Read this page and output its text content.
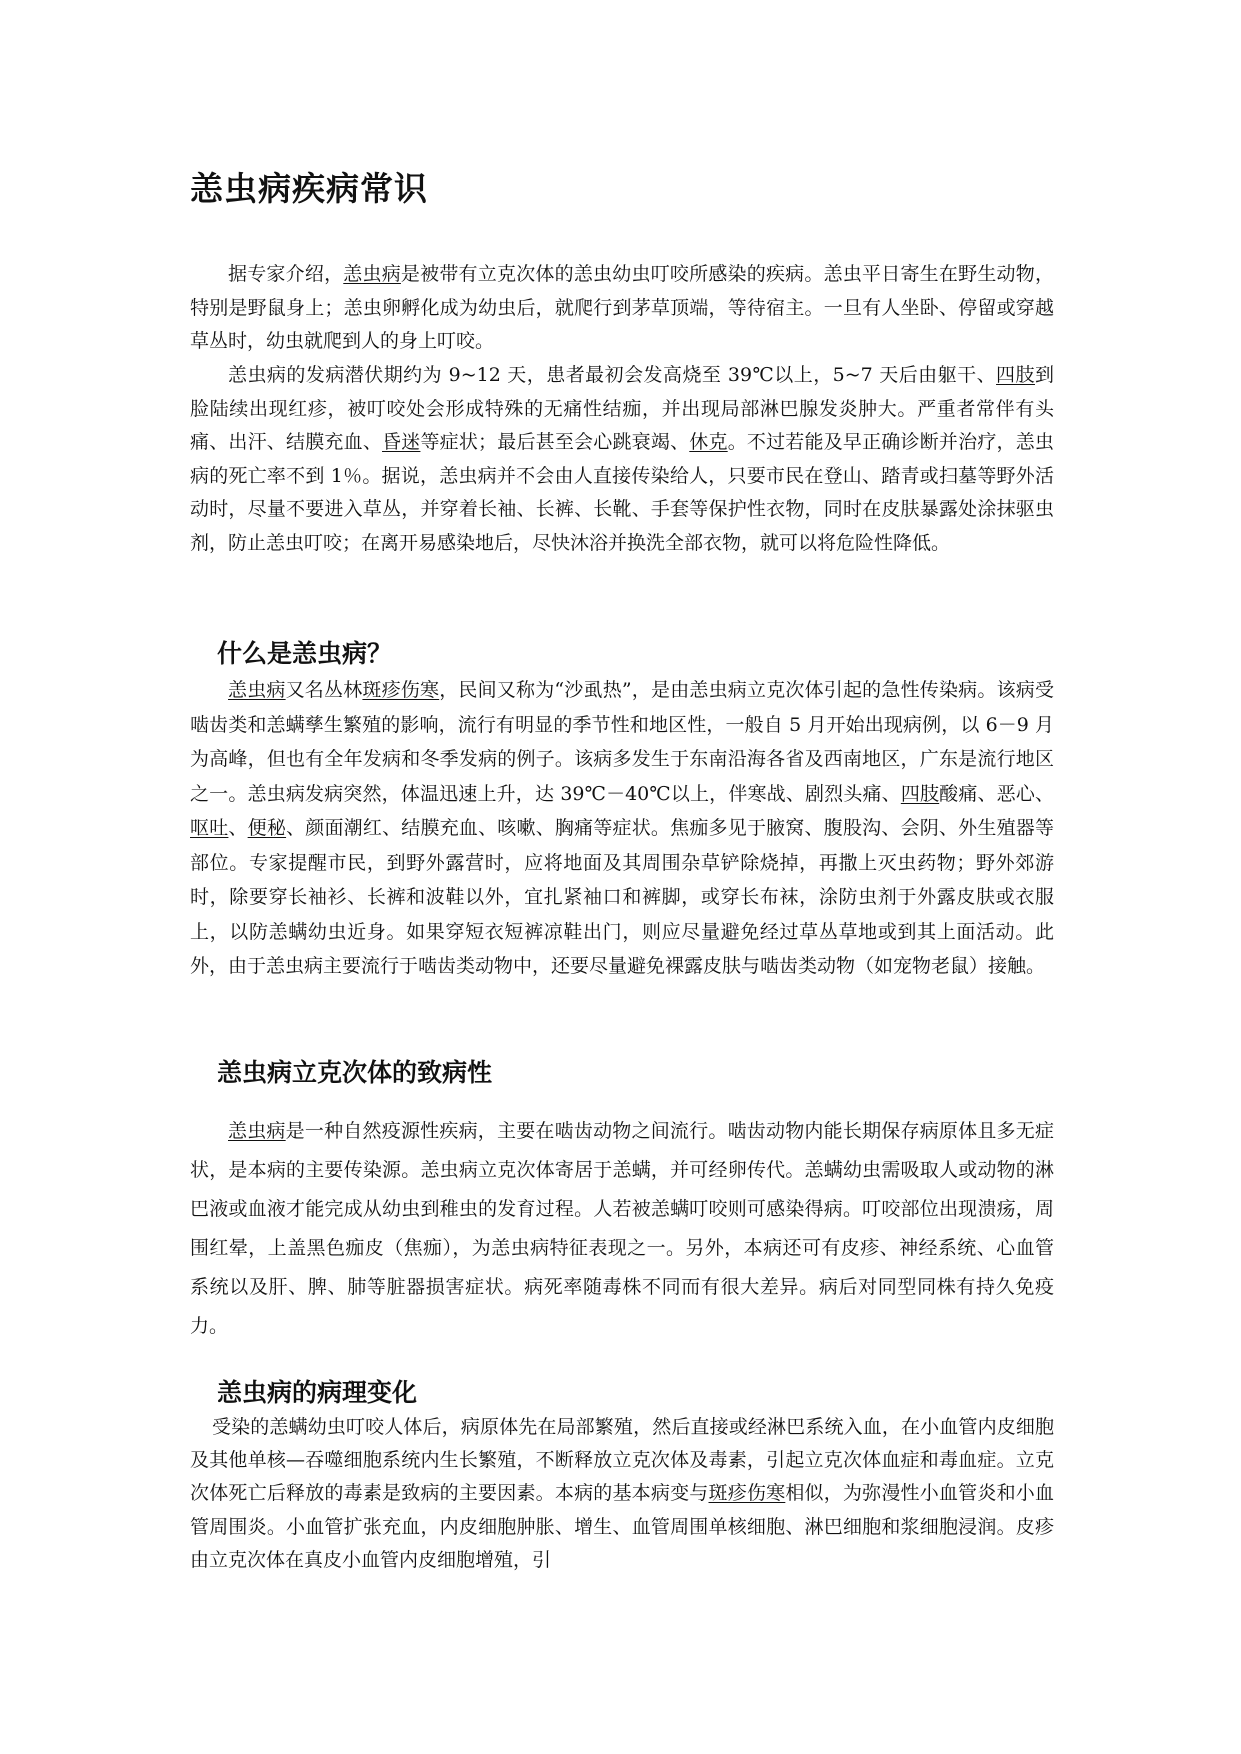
恙虫病疾病常识

据专家介绍，恙虫病是被带有立克次体的恙虫幼虫叮咬所感染的疾病。恙虫平日寄生在野生动物，特别是野鼠身上；恙虫卵孵化成为幼虫后，就爬行到茅草顶端，等待宿主。一旦有人坐卧、停留或穿越草丛时，幼虫就爬到人的身上叮咬。

恙虫病的发病潜伏期约为 9~12 天，患者最初会发高烧至 39℃以上，5~7 天后由躯干、四肢到脸陆续出现红疹，被叮咬处会形成特殊的无痛性结痂，并出现局部淋巴腺发炎肿大。严重者常伴有头痛、出汗、结膜充血、昏迷等症状；最后甚至会心跳衰竭、休克。不过若能及早正确诊断并治疗，恙虫病的死亡率不到 1％。据说，恙虫病并不会由人直接传染给人，只要市民在登山、踏青或扫墓等野外活动时，尽量不要进入草丛，并穿着长袖、长裤、长靴、手套等保护性衣物，同时在皮肤暴露处涂抹驱虫剂，防止恙虫叮咬；在离开易感染地后，尽快沐浴并换洗全部衣物，就可以将危险性降低。

什么是恙虫病？

恙虫病又名丛林斑疹伤寒，民间又称为“沙虱热”，是由恙虫病立克次体引起的急性传染病。该病受啮齿类和恙螨孳生繁殖的影响，流行有明显的季节性和地区性，一般自 5 月开始出现病例，以 6－9 月为高峰，但也有全年发病和冬季发病的例子。该病多发生于东南沿海各省及西南地区，广东是流行地区之一。恙虫病发病突然，体温迅速上升，达 39℃－40℃以上，伴寒战、剧烈头痛、四肢酸痛、恶心、呕吐、便秘、颜面潮红、结膜充血、咳嗽、胸痛等症状。焦痂多见于腋窝、腹股沟、会阴、外生殖器等部位。专家提醒市民，到野外露营时，应将地面及其周围杂草铲除烧掉，再撒上灭虫药物；野外郊游时，除要穿长袖衫、长裤和波鞋以外，宜扎紧袖口和裤脚，或穿长布袜，涂防虫剂于外露皮肤或衣服上，以防恙螨幼虫近身。如果穿短衣短裤凉鞋出门，则应尽量避免经过草丛草地或到其上面活动。此外，由于恙虫病主要流行于啮齿类动物中，还要尽量避免裸露皮肤与啮齿类动物（如宠物老鼠）接触。

恙虫病立克次体的致病性

恙虫病是一种自然疫源性疾病，主要在啮齿动物之间流行。啮齿动物内能长期保存病原体且多无症状，是本病的主要传染源。恙虫病立克次体寄居于恙螨，并可经卵传代。恙螨幼虫需吸取人或动物的淋巴液或血液才能完成从幼虫到稚虫的发育过程。人若被恙螨叮咬则可感染得病。叮咬部位出现溃疡，周围红晕，上盖黑色痂皮（焦痂），为恙虫病特征表现之一。另外，本病还可有皮疹、神经系统、心血管系统以及肝、脾、肺等脏器损害症状。病死率随毒株不同而有很大差异。病后对同型同株有持久免疫力。

恙虫病的病理变化

受染的恙螨幼虫叮咬人体后，病原体先在局部繁殖，然后直接或经淋巴系统入血，在小血管内皮细胞及其他单核—吞噬细胞系统内生长繁殖，不断释放立克次体及毒素，引起立克次体血症和毒血症。立克次体死亡后释放的毒素是致病的主要因素。本病的基本病变与斑疹伤寒相似，为弥漫性小血管炎和小血管周围炎。小血管扩张充血，内皮细胞肿胀、增生、血管周围单核细胞、淋巴细胞和浆细胞浸润。皮疹由立克次体在真皮小血管内皮细胞增殖，引
